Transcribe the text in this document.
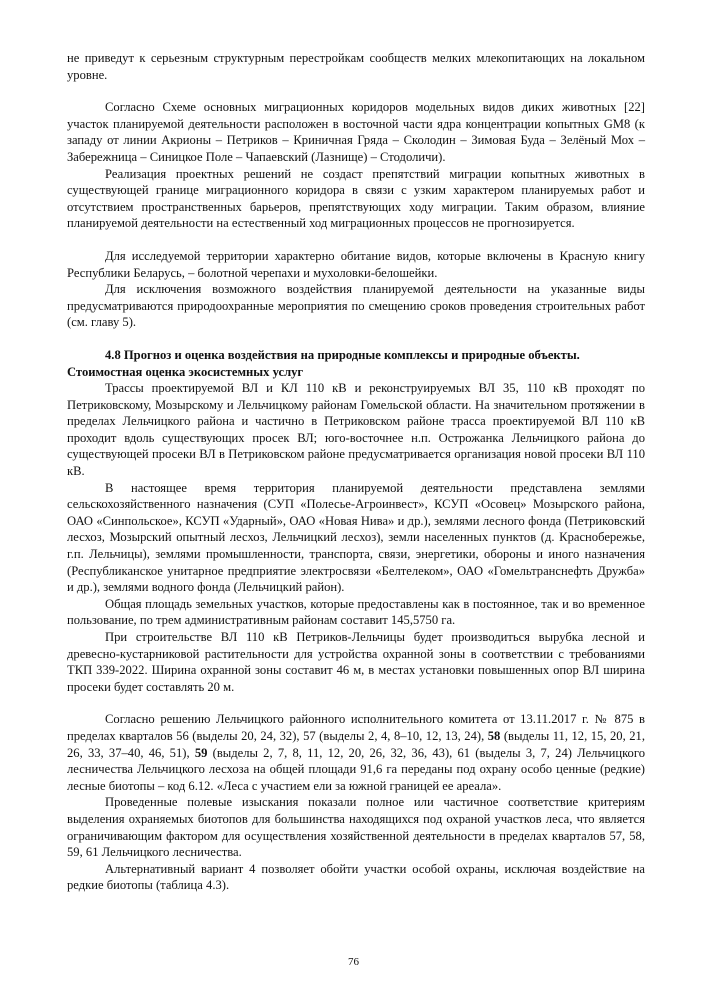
не приведут к серьезным структурным перестройкам сообществ мелких млекопитающих на локальном уровне.

Согласно Схеме основных миграционных коридоров модельных видов диких животных [22] участок планируемой деятельности расположен в восточной части ядра концентрации копытных GM8 (к западу от линии Акрионы – Петриков – Криничная Гряда – Сколодин – Зимовая Буда – Зелёный Мох – Забережница – Синицкое Поле – Чапаевский (Лазнище) – Стодоличи).

Реализация проектных решений не создаст препятствий миграции копытных животных в существующей границе миграционного коридора в связи с узким характером планируемых работ и отсутствием пространственных барьеров, препятствующих ходу миграции. Таким образом, влияние планируемой деятельности на естественный ход миграционных процессов не прогнозируется.

Для исследуемой территории характерно обитание видов, которые включены в Красную книгу Республики Беларусь, – болотной черепахи и мухоловки-белошейки.

Для исключения возможного воздействия планируемой деятельности на указанные виды предусматриваются природоохранные мероприятия по смещению сроков проведения строительных работ (см. главу 5).

4.8 Прогноз и оценка воздействия на природные комплексы и природные объекты. Стоимостная оценка экосистемных услуг

Трассы проектируемой ВЛ и КЛ 110 кВ и реконструируемых ВЛ 35, 110 кВ проходят по Петриковскому, Мозырскому и Лельчицкому районам Гомельской области. На значительном протяжении в пределах Лельчицкого района и частично в Петриковском районе трасса проектируемой ВЛ 110 кВ проходит вдоль существующих просек ВЛ; юго-восточнее н.п. Острожанка Лельчицкого района до существующей просеки ВЛ в Петриковском районе предусматривается организация новой просеки ВЛ 110 кВ.

В настоящее время территория планируемой деятельности представлена землями сельскохозяйственного назначения (СУП «Полесье-Агроинвест», КСУП «Осовец» Мозырского района, ОАО «Синпольское», КСУП «Ударный», ОАО «Новая Нива» и др.), землями лесного фонда (Петриковский лесхоз, Мозырский опытный лесхоз, Лельчицкий лесхоз), земли населенных пунктов (д. Красноберeжье, г.п. Лельчицы), землями промышленности, транспорта, связи, энергетики, обороны и иного назначения (Республиканское унитарное предприятие электросвязи «Белтелеком», ОАО «Гомельтранснефть Дружба» и др.), землями водного фонда (Лельчицкий район).

Общая площадь земельных участков, которые предоставлены как в постоянное, так и во временное пользование, по трем административным районам составит 145,5750 га.

При строительстве ВЛ 110 кВ Петриков-Лельчицы будет производиться вырубка лесной и древесно-кустарниковой растительности для устройства охранной зоны в соответствии с требованиями ТКП 339-2022. Ширина охранной зоны составит 46 м, в местах установки повышенных опор ВЛ ширина просеки будет составлять 20 м.

Согласно решению Лельчицкого районного исполнительного комитета от 13.11.2017 г. № 875 в пределах кварталов 56 (выделы 20, 24, 32), 57 (выделы 2, 4, 8–10, 12, 13, 24), 58 (выделы 11, 12, 15, 20, 21, 26, 33, 37–40, 46, 51), 59 (выделы 2, 7, 8, 11, 12, 20, 26, 32, 36, 43), 61 (выделы 3, 7, 24) Лельчицкого лесничества Лельчицкого лесхоза на общей площади 91,6 га переданы под охрану особо ценные (редкие) лесные биотопы – код 6.12. «Леса с участием ели за южной границей ее ареала».

Проведенные полевые изыскания показали полное или частичное соответствие критериям выделения охраняемых биотопов для большинства находящихся под охраной участков леса, что является ограничивающим фактором для осуществления хозяйственной деятельности в пределах кварталов 57, 58, 59, 61 Лельчицкого лесничества.

Альтернативный вариант 4 позволяет обойти участки особой охраны, исключая воздействие на редкие биотопы (таблица 4.3).

76
